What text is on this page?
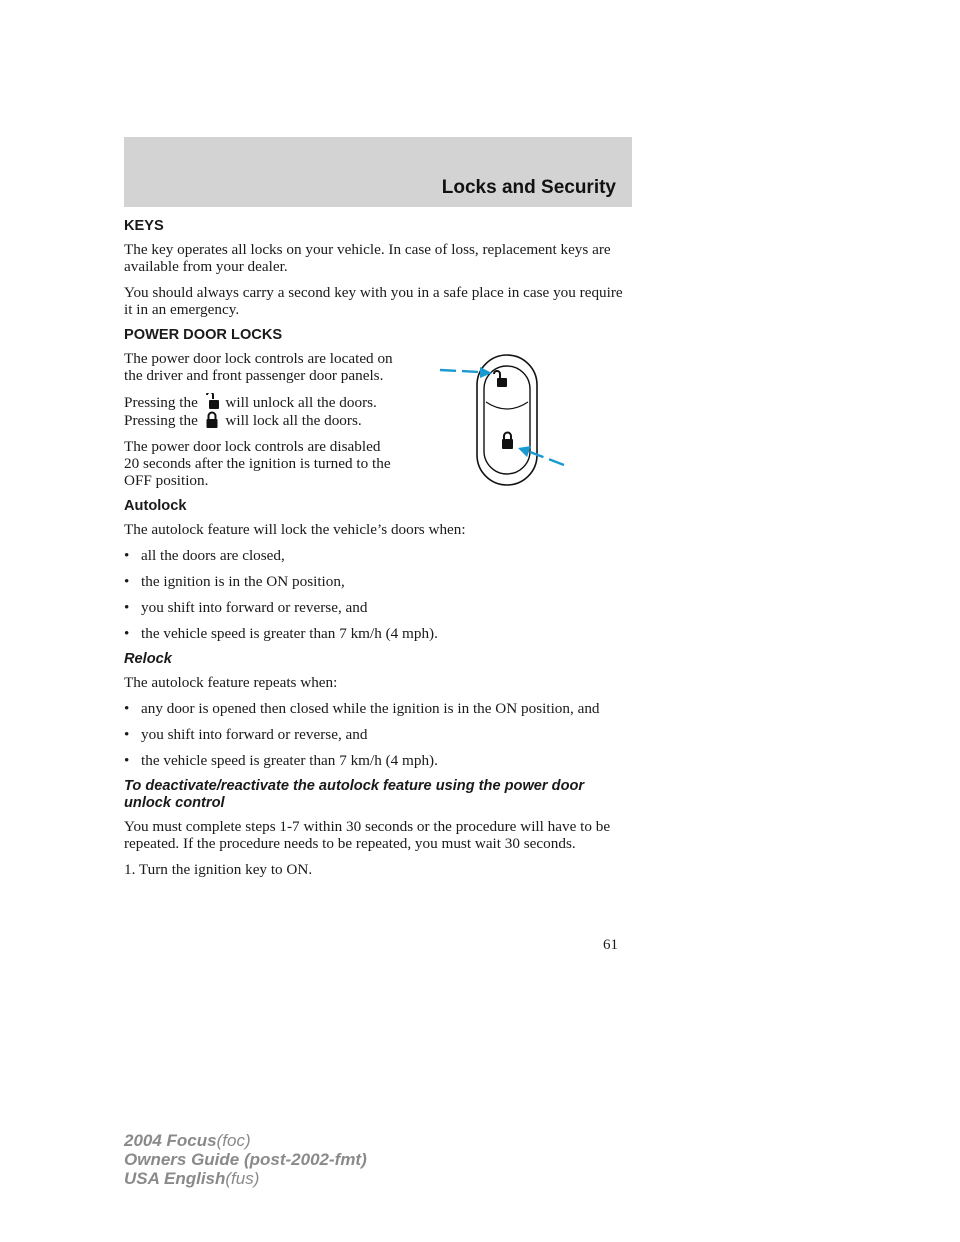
Locks and Security
KEYS

The key operates all locks on your vehicle. In case of loss, replacement keys are available from your dealer.

You should always carry a second key with you in a safe place in case you require it in an emergency.

POWER DOOR LOCKS

The power door lock controls are located on the driver and front passenger door panels.

Pressing the will unlock all the doors. Pressing the will lock all the doors.

The power door lock controls are disabled 20 seconds after the ignition is turned to the OFF position.

Autolock

The autolock feature will lock the vehicle’s doors when:

• all the doors are closed,
• the ignition is in the ON position,
• you shift into forward or reverse, and
• the vehicle speed is greater than 7 km/h (4 mph).
Relock

The autolock feature repeats when:

• any door is opened then closed while the ignition is in the ON position, and
• you shift into forward or reverse, and
• the vehicle speed is greater than 7 km/h (4 mph).
To deactivate/reactivate the autolock feature using the power door unlock control

You must complete steps 1-7 within 30 seconds or the procedure will have to be repeated. If the procedure needs to be repeated, you must wait 30 seconds.

1. Turn the ignition key to ON.

61
2004 Focus(foc)
Owners Guide (post-2002-fmt)
USA English(fus)
